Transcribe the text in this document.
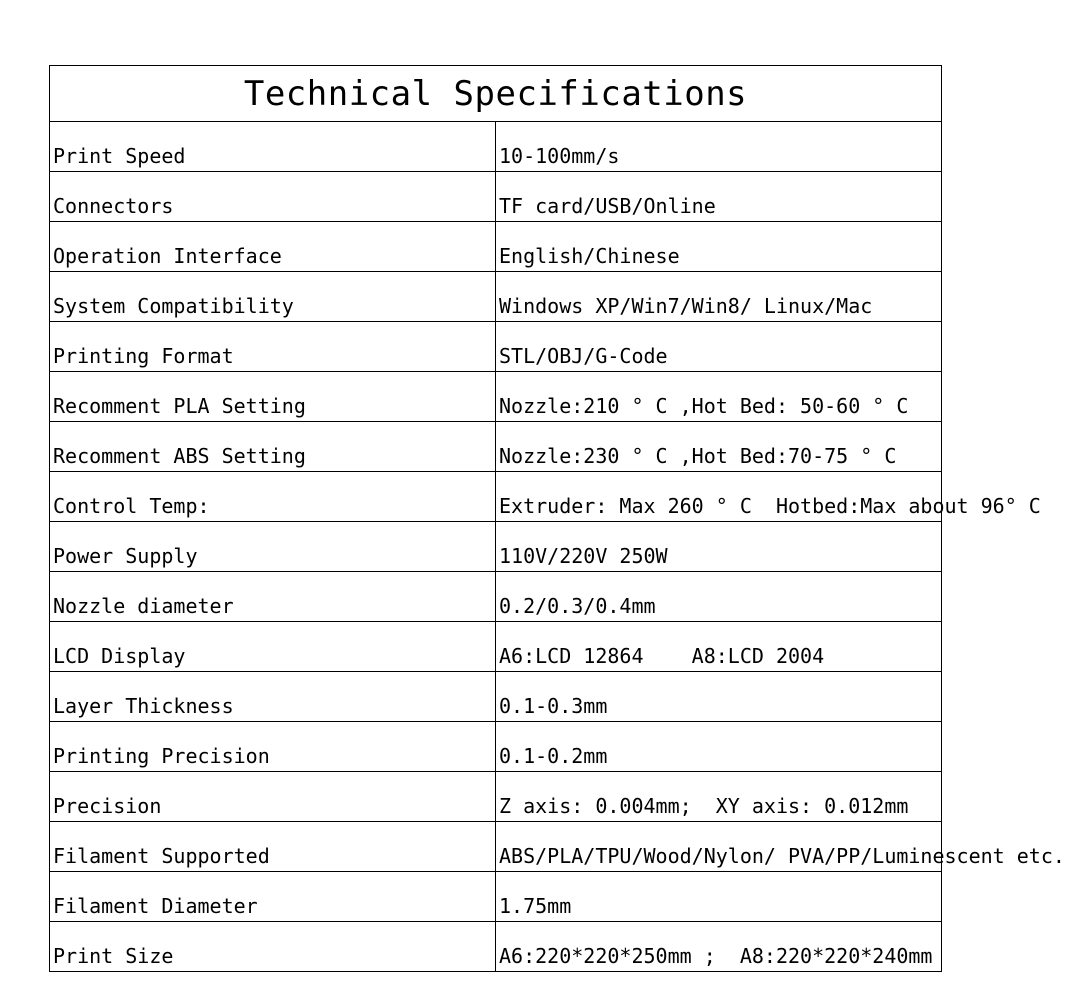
Technical Specifications	
Print Speed	10-100mm/s
Connectors	TF card/USB/Online
Operation Interface	English/Chinese
System Compatibility	Windows XP/Win7/Win8/ Linux/Mac
Printing Format	STL/OBJ/G-Code
Recomment PLA Setting	Nozzle:210 ° C ,Hot Bed: 50-60 ° C
Recomment ABS Setting	Nozzle:230 ° C ,Hot Bed:70-75 ° C
Control Temp:	Extruder: Max 260 ° C  Hotbed:Max about 96° C
Power Supply	110V/220V 250W
Nozzle diameter	0.2/0.3/0.4mm
LCD Display	A6:LCD 12864    A8:LCD 2004
Layer Thickness	0.1-0.3mm
Printing Precision	0.1-0.2mm
Precision	Z axis: 0.004mm;  XY axis: 0.012mm
Filament Supported	ABS/PLA/TPU/Wood/Nylon/ PVA/PP/Luminescent etc.
Filament Diameter	1.75mm
Print Size	A6:220*220*250mm ;  A8:220*220*240mm
